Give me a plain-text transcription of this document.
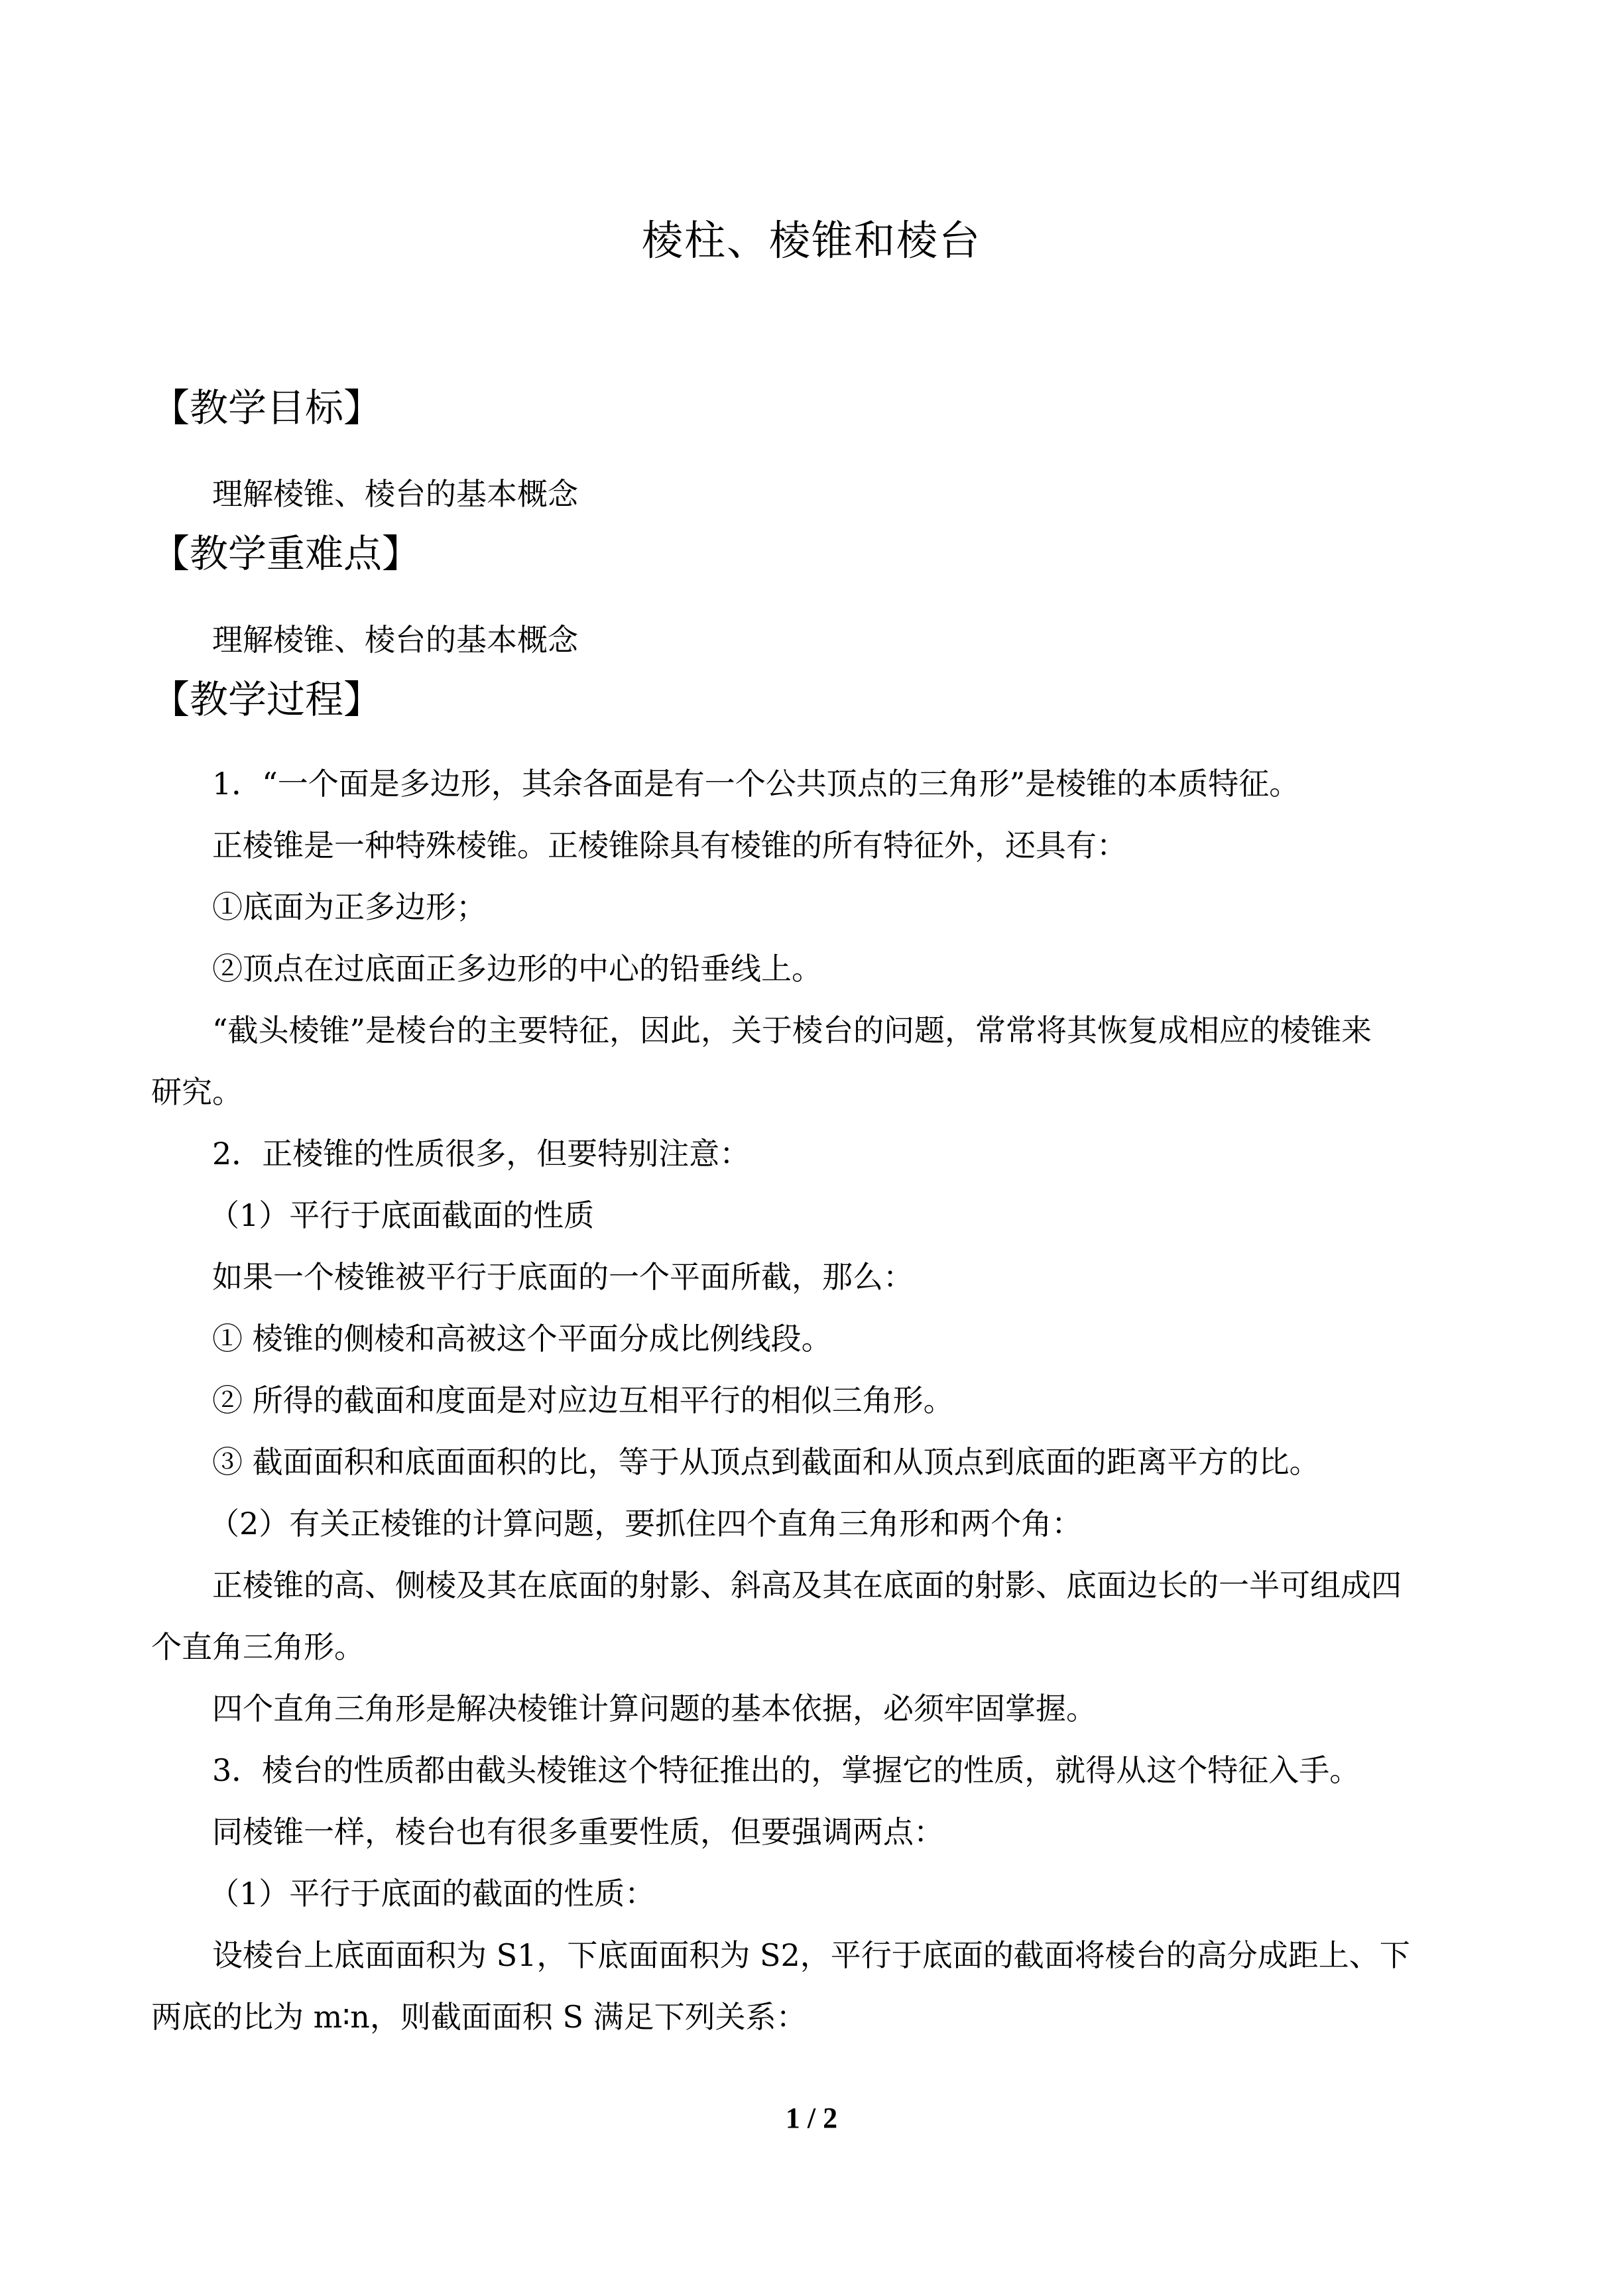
棱柱、棱锥和棱台
【教学目标】
理解棱锥、棱台的基本概念
【教学重难点】
理解棱锥、棱台的基本概念
【教学过程】
1．“一个面是多边形，其余各面是有一个公共顶点的三角形”是棱锥的本质特征。
正棱锥是一种特殊棱锥。正棱锥除具有棱锥的所有特征外，还具有：
①底面为正多边形；
②顶点在过底面正多边形的中心的铅垂线上。
“截头棱锥”是棱台的主要特征，因此，关于棱台的问题，常常将其恢复成相应的棱锥来
研究。
2．正棱锥的性质很多，但要特别注意：
（1）平行于底面截面的性质
如果一个棱锥被平行于底面的一个平面所截，那么：
① 棱锥的侧棱和高被这个平面分成比例线段。
② 所得的截面和度面是对应边互相平行的相似三角形。
③ 截面面积和底面面积的比，等于从顶点到截面和从顶点到底面的距离平方的比。
（2）有关正棱锥的计算问题，要抓住四个直角三角形和两个角：
正棱锥的高、侧棱及其在底面的射影、斜高及其在底面的射影、底面边长的一半可组成四
个直角三角形。
四个直角三角形是解决棱锥计算问题的基本依据，必须牢固掌握。
3．棱台的性质都由截头棱锥这个特征推出的，掌握它的性质，就得从这个特征入手。
同棱锥一样，棱台也有很多重要性质，但要强调两点：
（1）平行于底面的截面的性质：
设棱台上底面面积为 S1，下底面面积为 S2，平行于底面的截面将棱台的高分成距上、下
两底的比为 m∶n，则截面面积 S 满足下列关系：
1 / 2
